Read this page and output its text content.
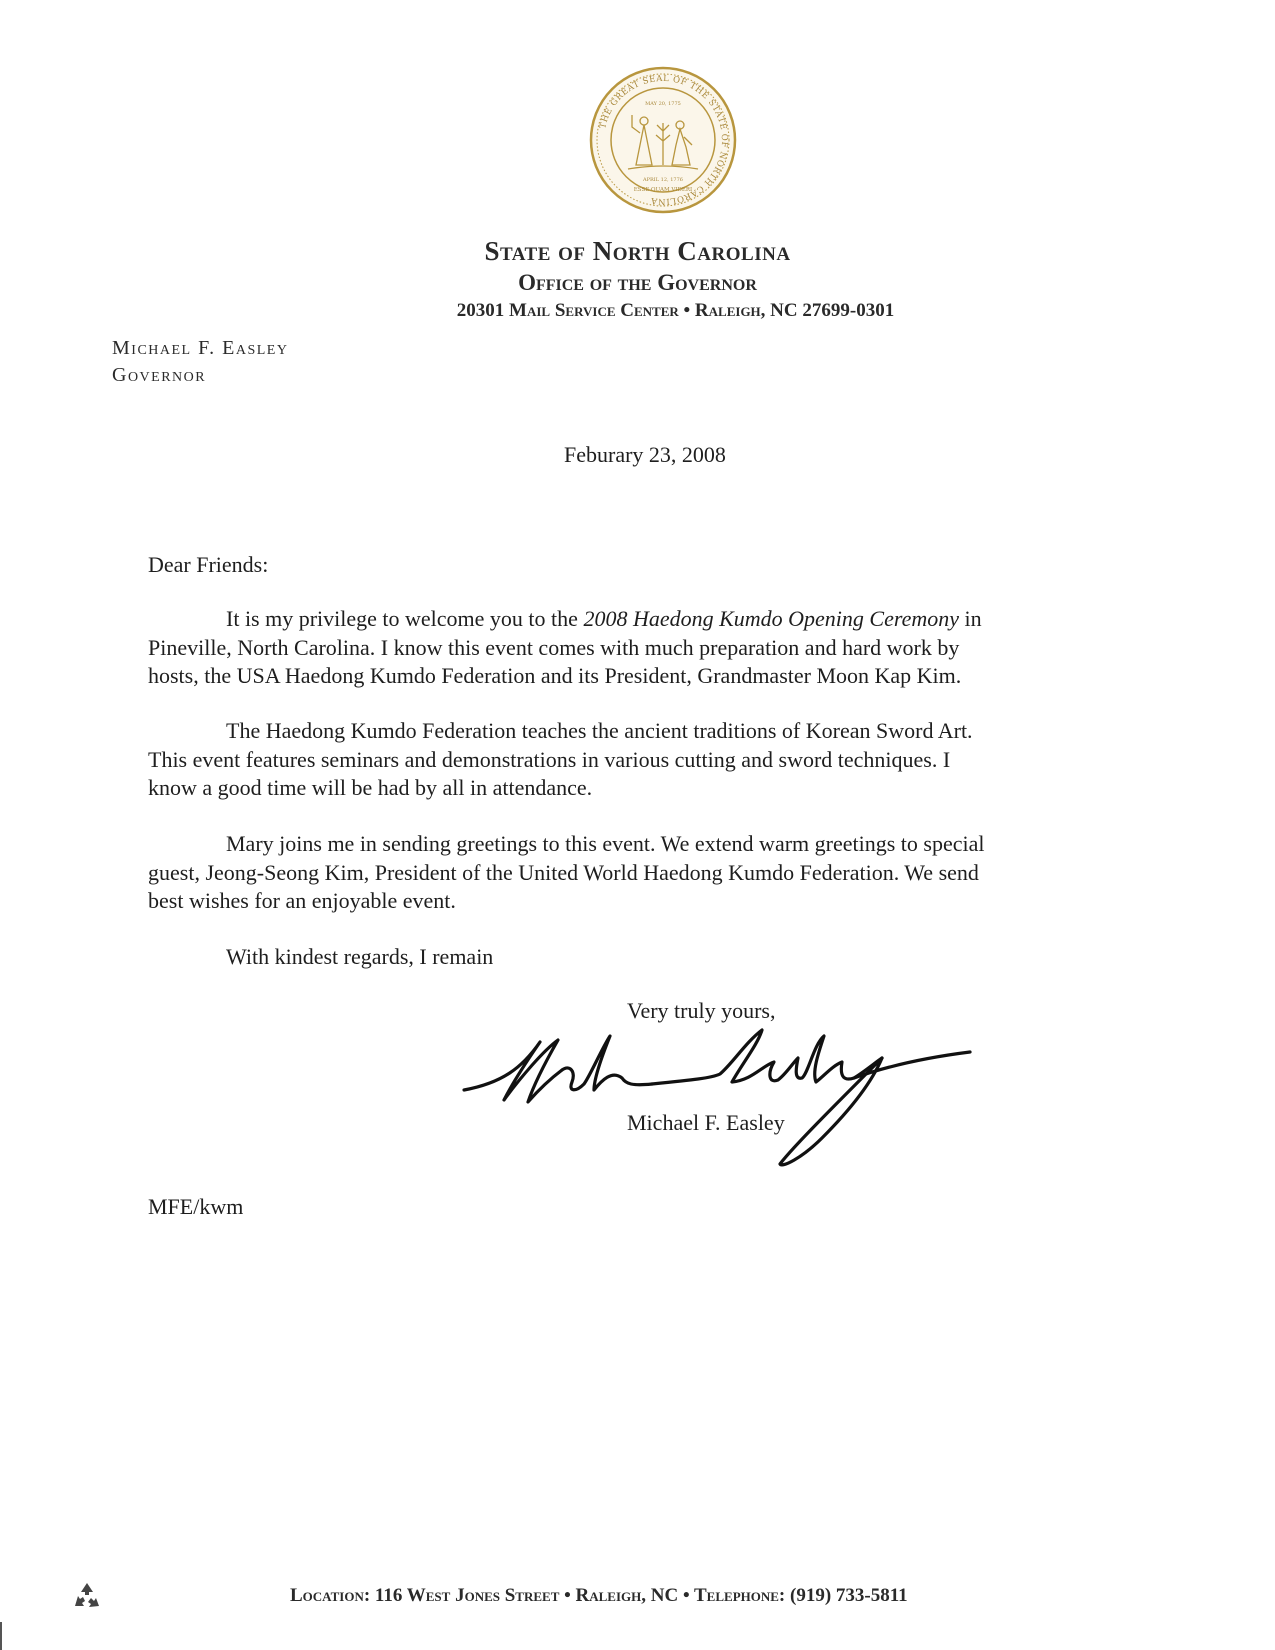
THE GREAT SEAL OF THE STATE OF NORTH CAROLINA
MAY 20, 1775
APRIL 12, 1776
ESSE QUAM VIDERI
State of North Carolina
Office of the Governor
20301 Mail Service Center • Raleigh, NC 27699-0301
Michael F. Easley
Governor
Feburary 23, 2008
Dear Friends:
It is my privilege to welcome you to the 2008 Haedong Kumdo Opening Ceremony in
Pineville, North Carolina. I know this event comes with much preparation and hard work by
hosts, the USA Haedong Kumdo Federation and its President, Grandmaster Moon Kap Kim.
The Haedong Kumdo Federation teaches the ancient traditions of Korean Sword Art.
This event features seminars and demonstrations in various cutting and sword techniques. I
know a good time will be had by all in attendance.
Mary joins me in sending greetings to this event. We extend warm greetings to special
guest, Jeong-Seong Kim, President of the United World Haedong Kumdo Federation. We send
best wishes for an enjoyable event.
With kindest regards, I remain
Very truly yours,
Michael F. Easley
MFE/kwm
Location: 116 West Jones Street • Raleigh, NC • Telephone: (919) 733-5811
